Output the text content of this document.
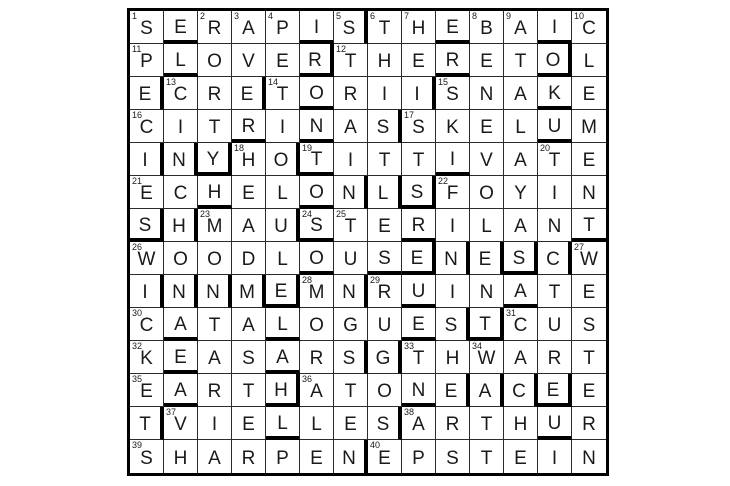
1
S E
2
R
3
A
4
P I
5
S
6
T
7
H E
8
B
9
A I
10
C
11
P L O V E R
12
T H E R E T O L
E
13
C R E
14
T O R I I
15
S N A K E
16
C I T R I N A S
17
S K E L U M
I N Y
18
H O
19
T I T T I V A
20
T E
21
E C H E L O N L S
22
F O Y I N
S H
23
M A U
24
S
25
T E R I L A N T
26
W O O D L O U S E N E S C
27
W
I N N M E
28
M N
29
R U I N A T E
30
C A T A L O G U E S T
31
C U S
32
K E A S A R S G
33
T H
34
W A R T
35
E A R T H
36
A T O N E A C E E
T
37
V I E L L E S
38
A R T H U R
39
S H A R P E N
40
E P S T E I N
